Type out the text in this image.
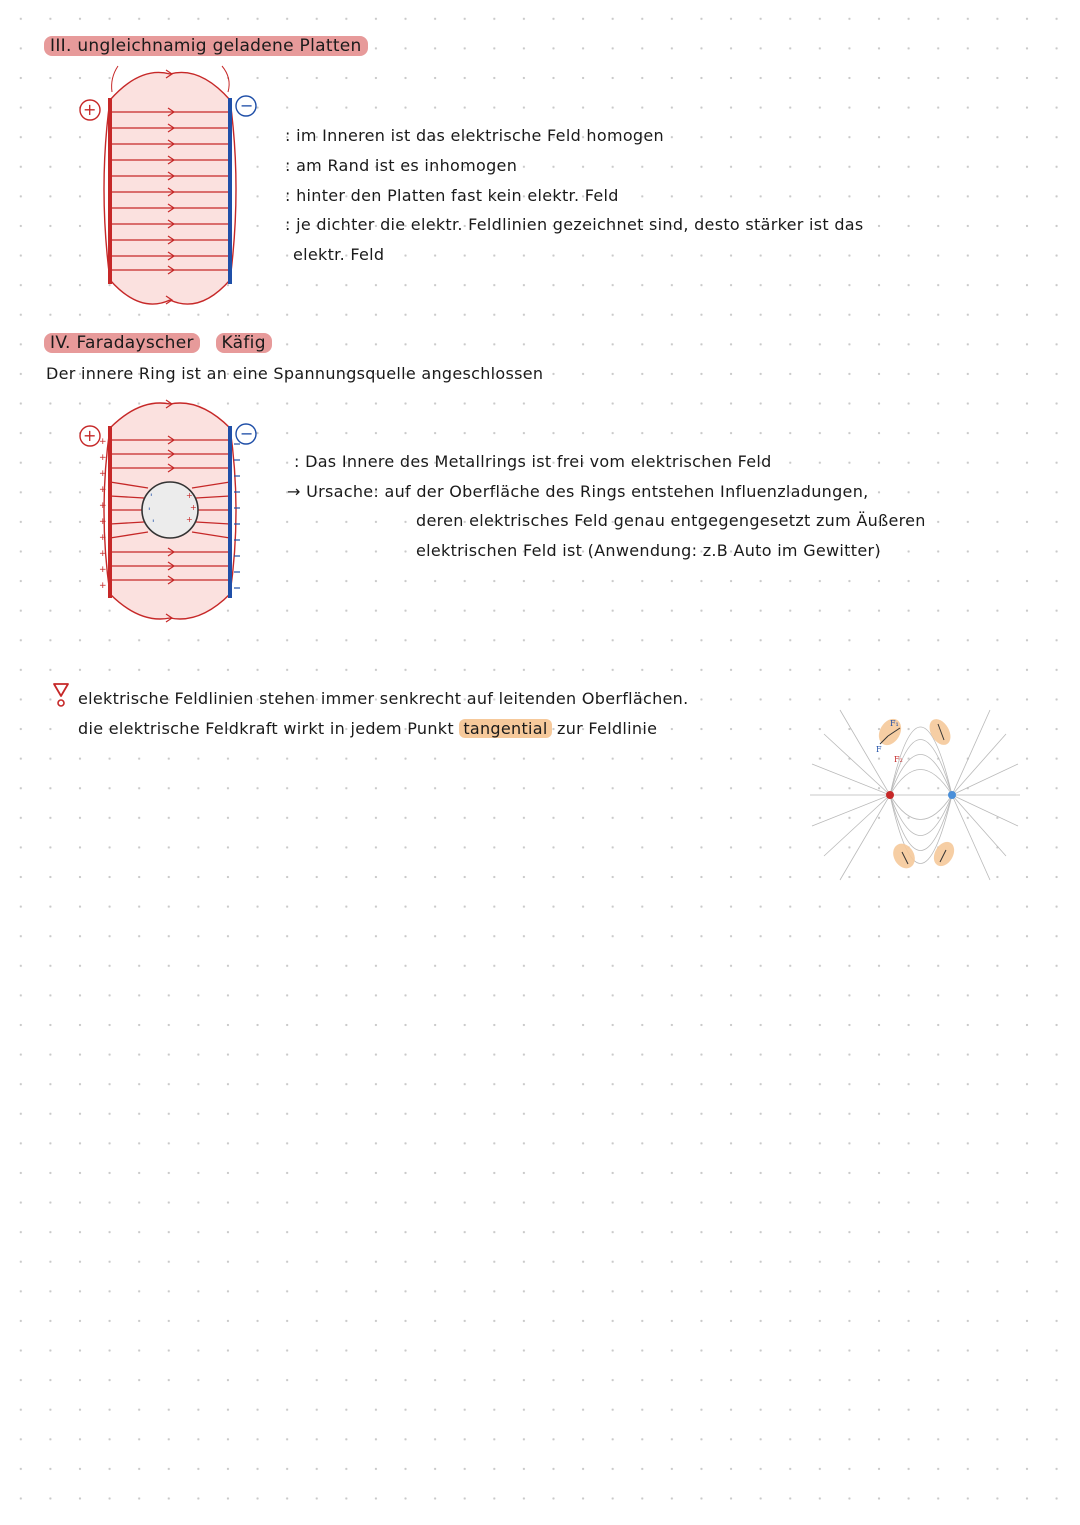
III. ungleichnamig geladene Platten
+	−
: im Inneren ist das elektrische Feld homogen
: am Rand ist es inhomogen
: hinter den Platten fast kein elektr. Feld
: je dichter die elektr. Feldlinien gezeichnet sind, desto stärker ist das
elektr. Feld
IV. Faradayscher Käfig
Der innere Ring ist an eine Spannungsquelle angeschlossen
+
+
+
'
'
'
+
+
+
+
+
+
+
+
+
+
+	−
: Das Innere des Metallrings ist frei vom elektrischen Feld
→ Ursache: auf der Oberfläche des Rings entstehen Influenzladungen,
deren elektrisches Feld genau entgegengesetzt zum Äußeren
elektrischen Feld ist (Anwendung: z.B Auto im Gewitter)
elektrische Feldlinien stehen immer senkrecht auf leitenden Oberflächen.
die elektrische Feldkraft wirkt in jedem Punkt tangential zur Feldlinie	F₁
F
F₂
